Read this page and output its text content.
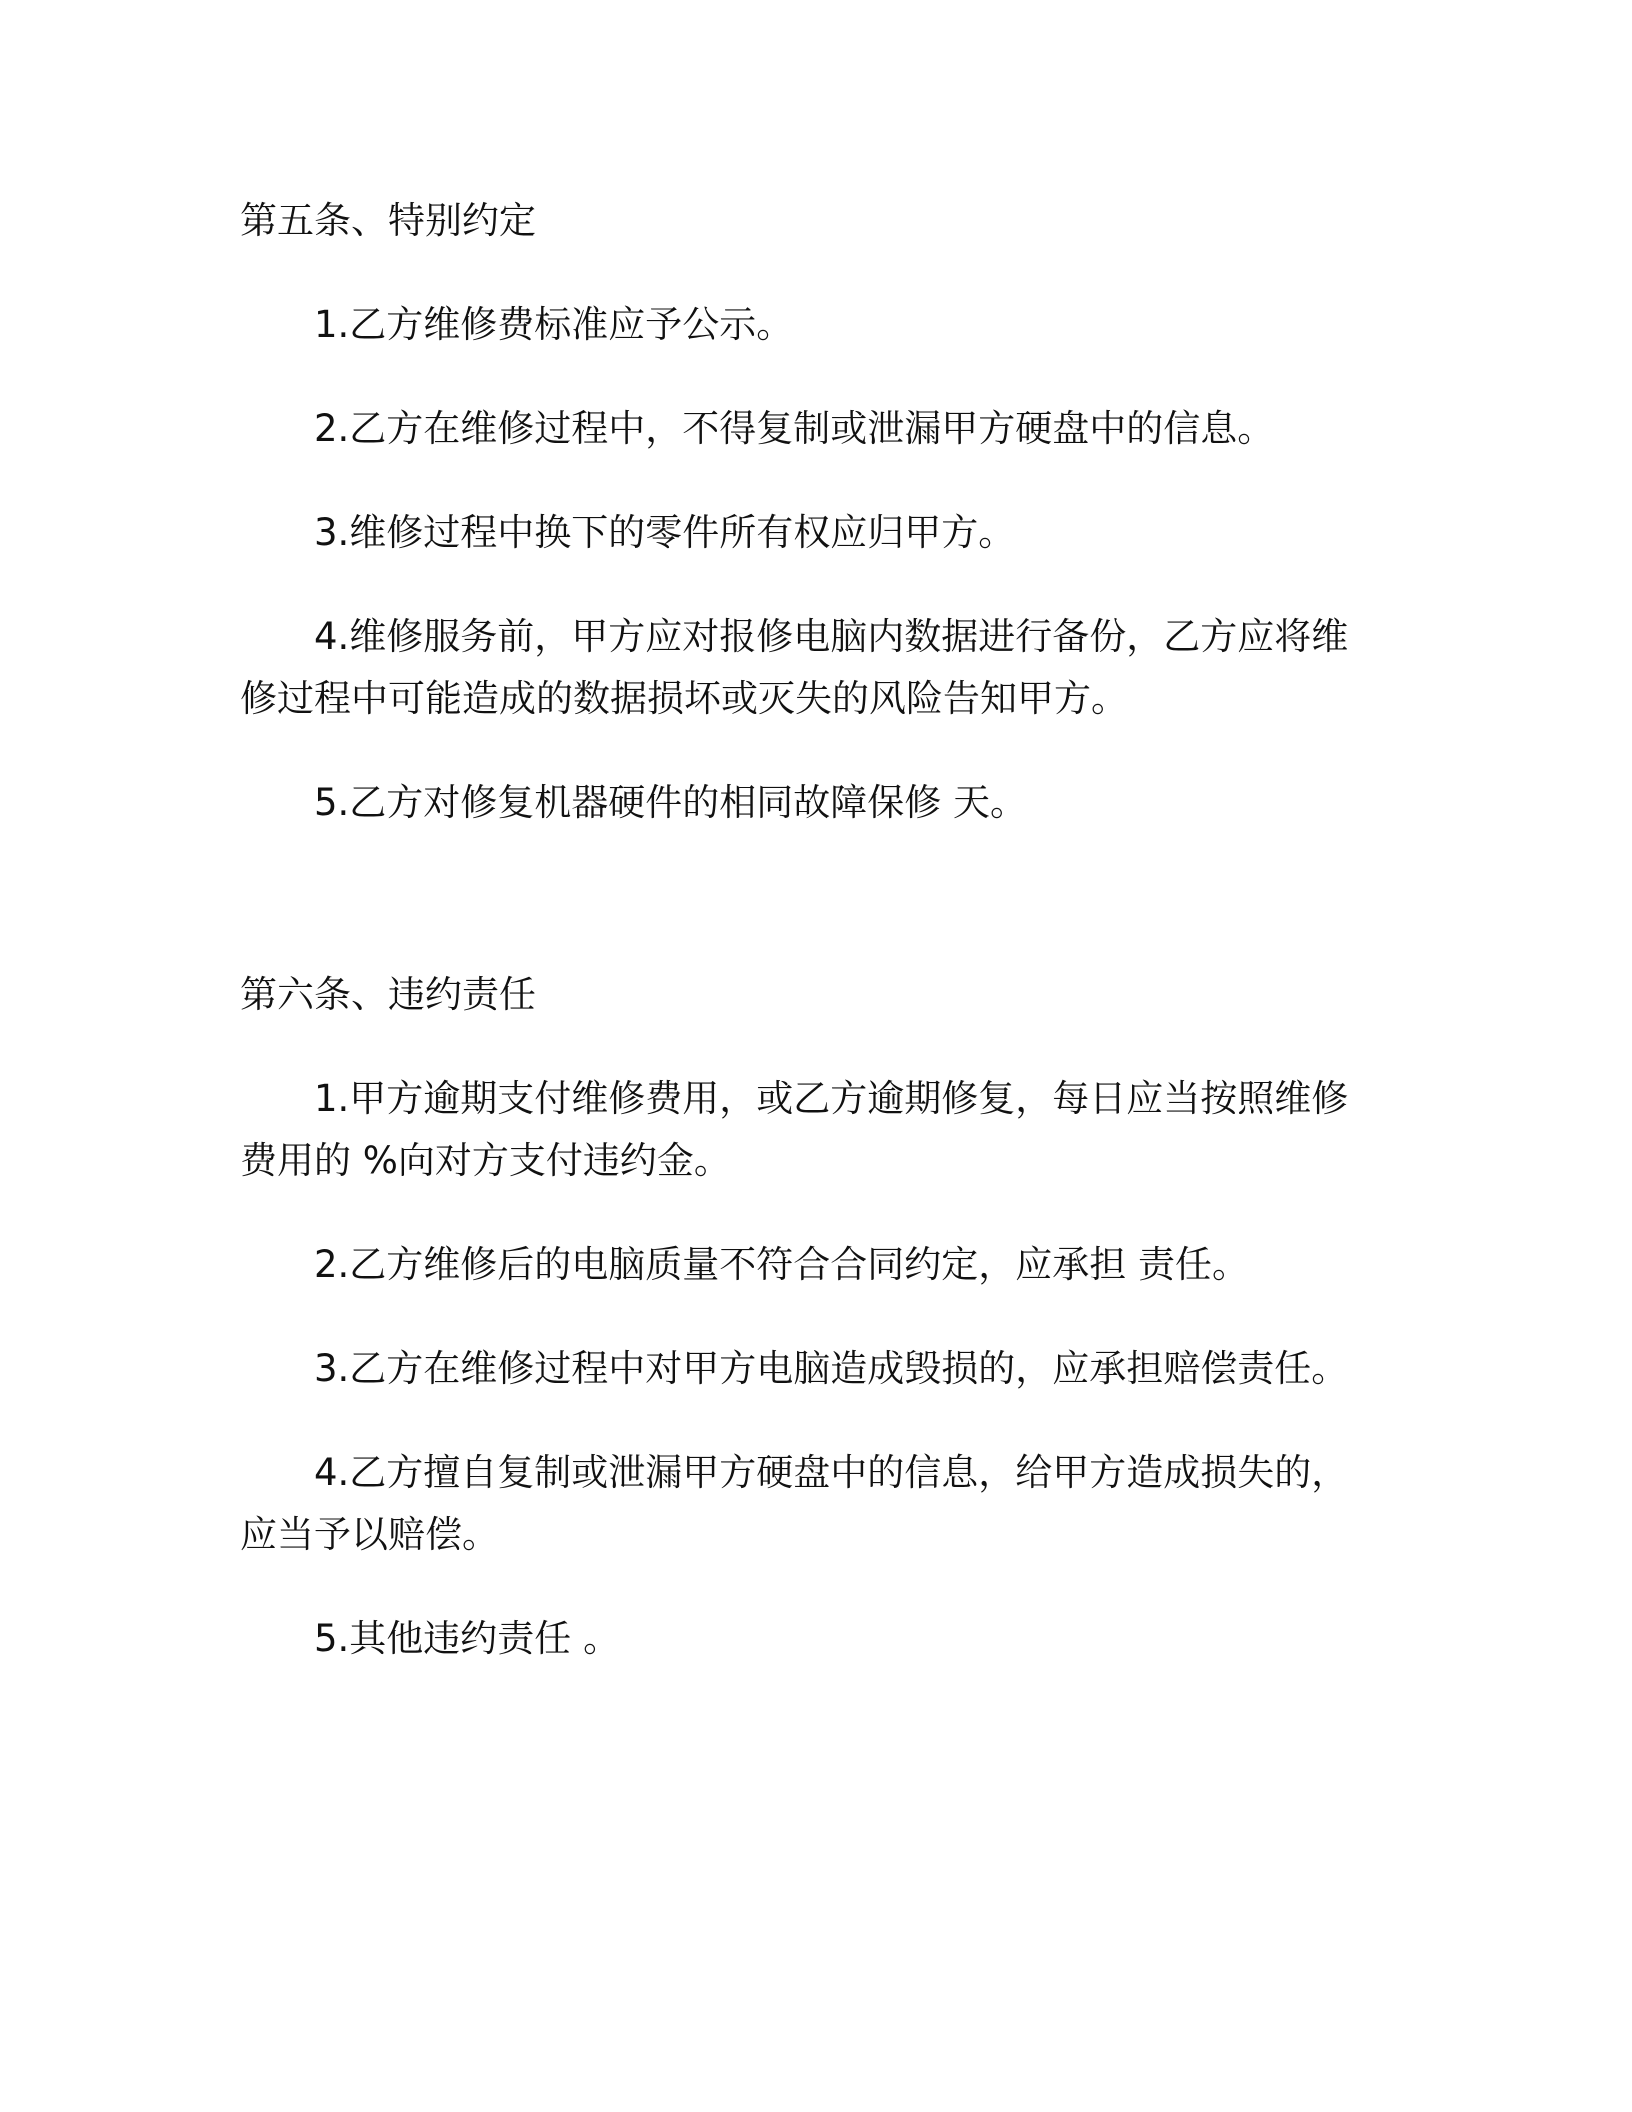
第五条、特别约定

1.乙方维修费标准应予公示。

2.乙方在维修过程中，不得复制或泄漏甲方硬盘中的信息。

3.维修过程中换下的零件所有权应归甲方。

4.维修服务前，甲方应对报修电脑内数据进行备份，乙方应将维修过程中可能造成的数据损坏或灭失的风险告知甲方。

5.乙方对修复机器硬件的相同故障保修 天。

第六条、违约责任

1.甲方逾期支付维修费用，或乙方逾期修复，每日应当按照维修费用的 %向对方支付违约金。

2.乙方维修后的电脑质量不符合合同约定，应承担 责任。

3.乙方在维修过程中对甲方电脑造成毁损的，应承担赔偿责任。

4.乙方擅自复制或泄漏甲方硬盘中的信息，给甲方造成损失的，应当予以赔偿。

5.其他违约责任 。
